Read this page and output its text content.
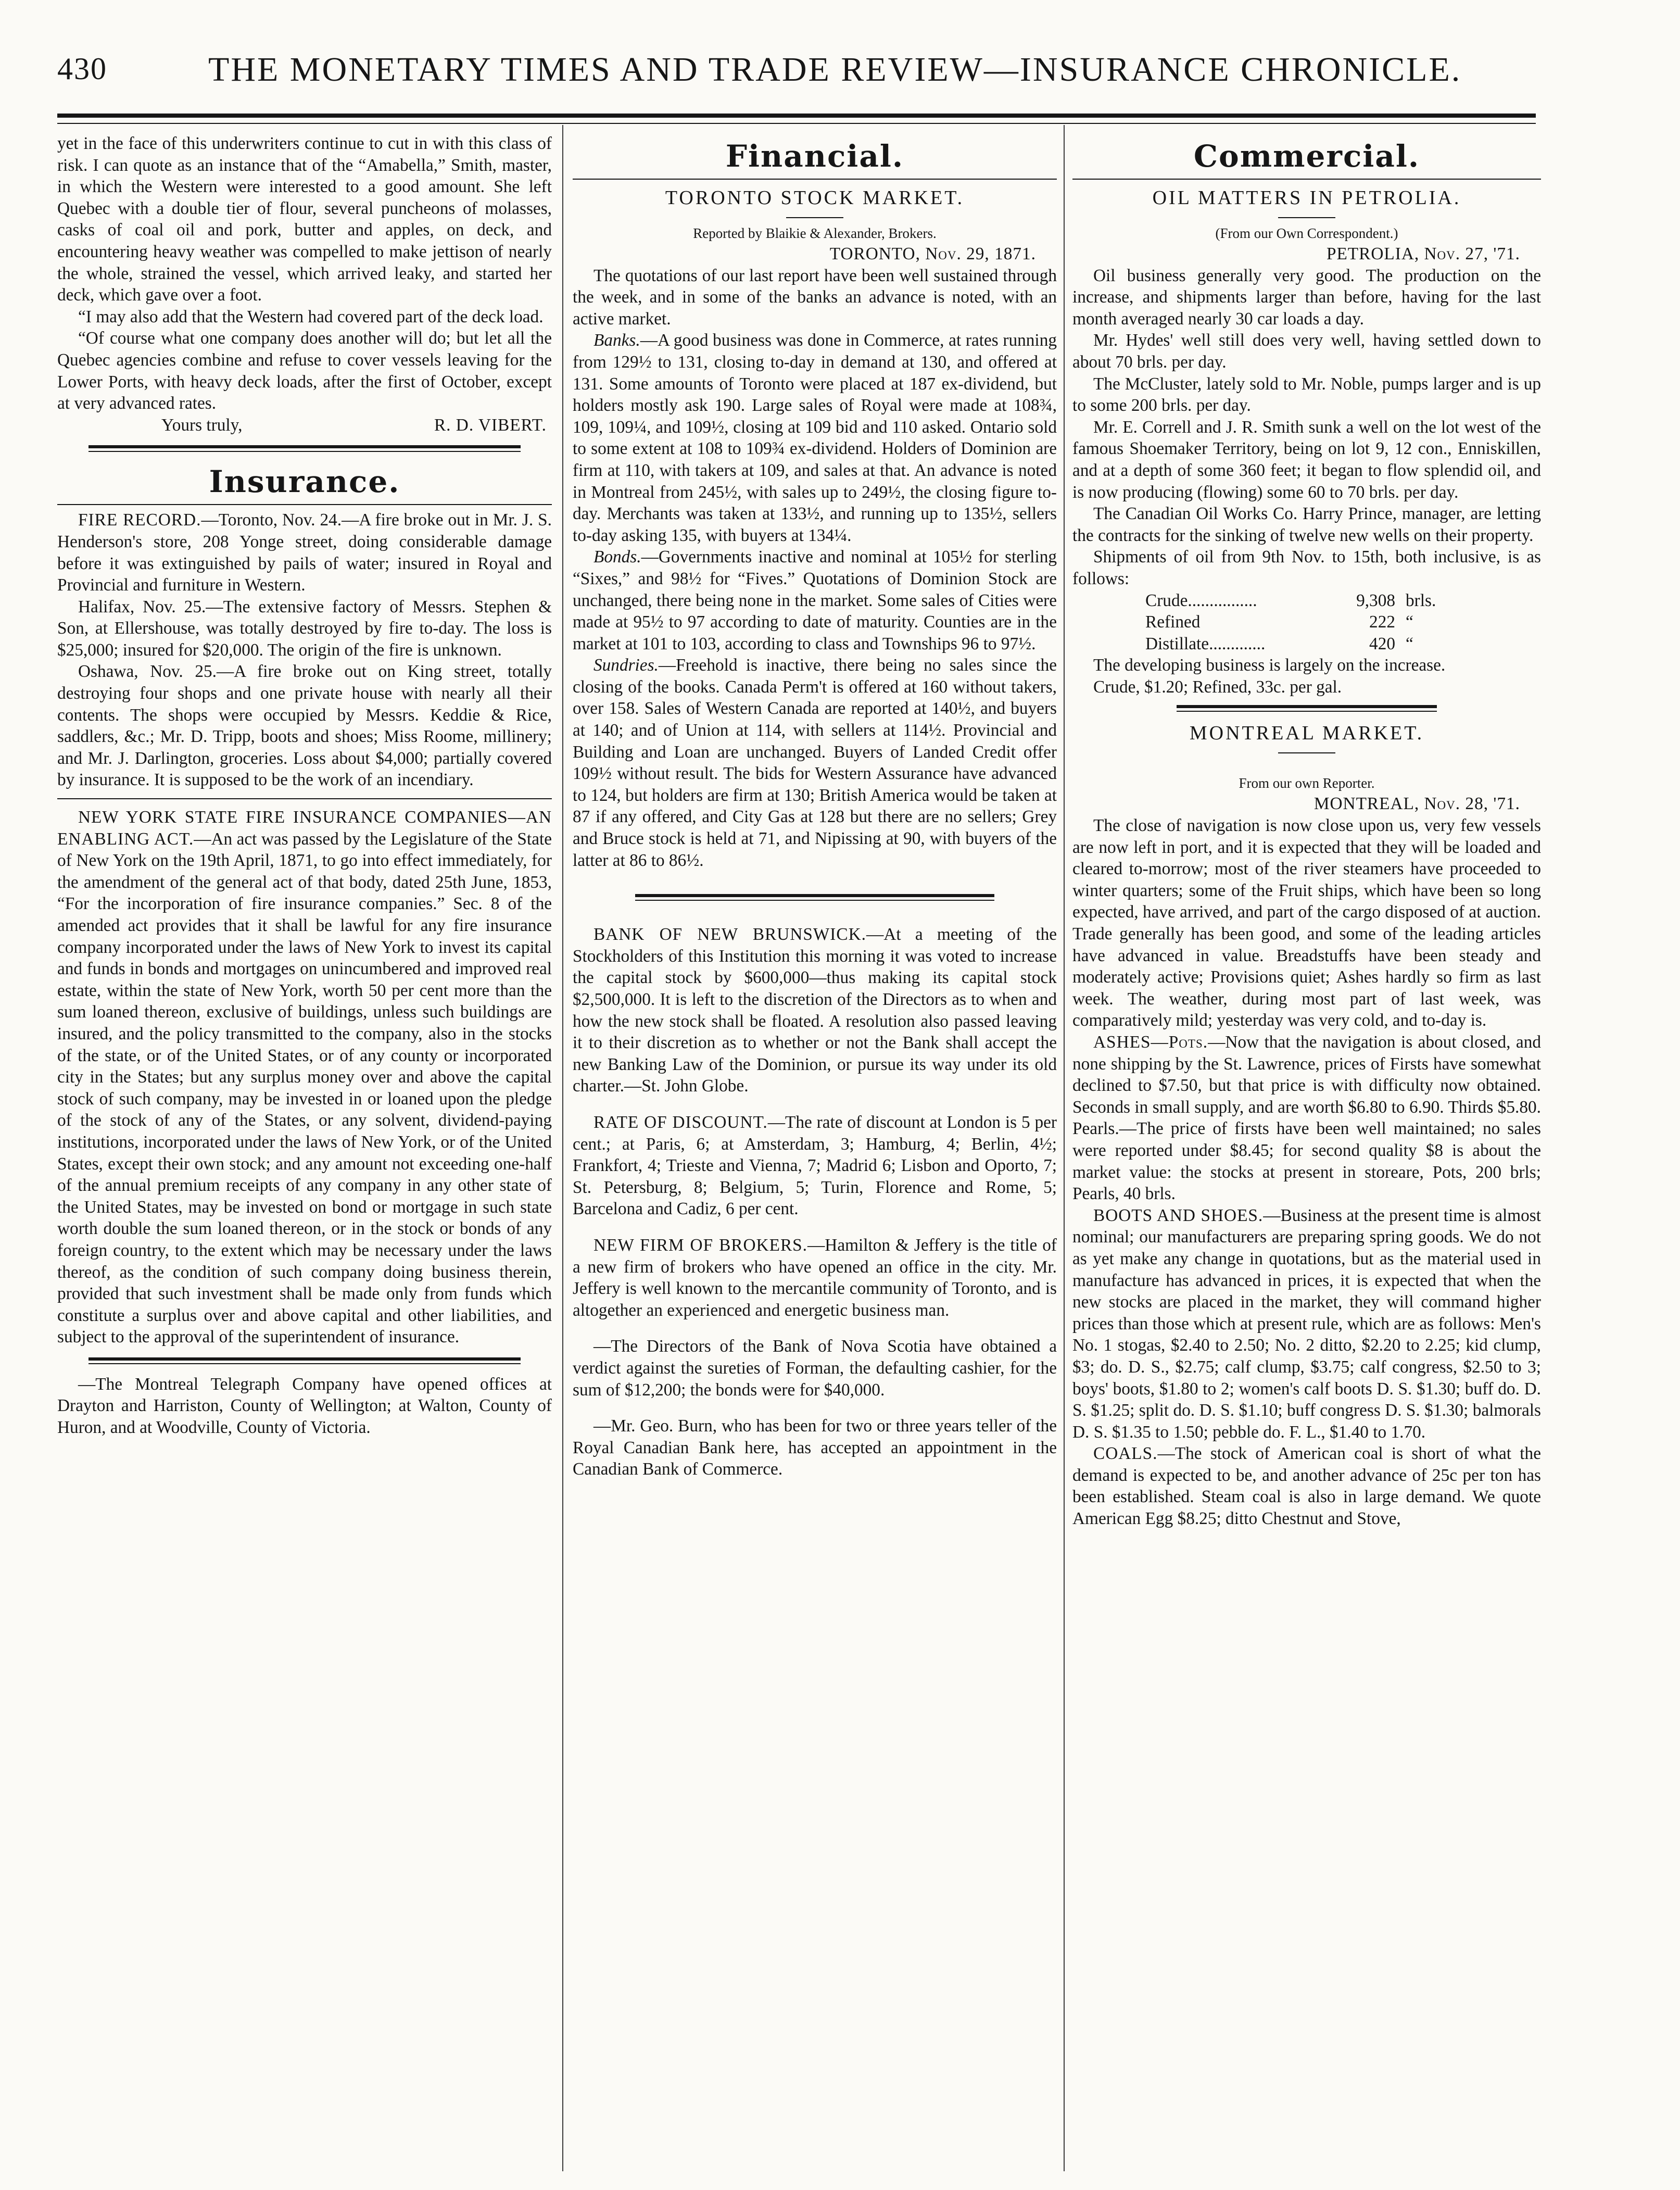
430	THE MONETARY TIMES AND TRADE REVIEW—INSURANCE CHRONICLE.

yet in the face of this underwriters continue to cut in with this class of risk. I can quote as an instance that of the “Amabella,” Smith, master, in which the Western were interested to a good amount. She left Quebec with a double tier of flour, several puncheons of molasses, casks of coal oil and pork, butter and apples, on deck, and encountering heavy weather was compelled to make jettison of nearly the whole, strained the vessel, which arrived leaky, and started her deck, which gave over a foot.

“I may also add that the Western had covered part of the deck load.

“Of course what one company does another will do; but let all the Quebec agencies combine and refuse to cover vessels leaving for the Lower Ports, with heavy deck loads, after the first of October, except at very advanced rates.

Yours truly,	R. D. VIBERT.

Insurance.

FIRE RECORD.—Toronto, Nov. 24.—A fire broke out in Mr. J. S. Henderson's store, 208 Yonge street, doing considerable damage before it was extinguished by pails of water; insured in Royal and Provincial and furniture in Western.

Halifax, Nov. 25.—The extensive factory of Messrs. Stephen & Son, at Ellershouse, was totally destroyed by fire to-day. The loss is $25,000; insured for $20,000. The origin of the fire is unknown.

Oshawa, Nov. 25.—A fire broke out on King street, totally destroying four shops and one private house with nearly all their contents. The shops were occupied by Messrs. Keddie & Rice, saddlers, &c.; Mr. D. Tripp, boots and shoes; Miss Roome, millinery; and Mr. J. Darlington, groceries. Loss about $4,000; partially covered by insurance. It is supposed to be the work of an incendiary.

NEW YORK STATE FIRE INSURANCE COMPANIES—AN ENABLING ACT.—An act was passed by the Legislature of the State of New York on the 19th April, 1871, to go into effect immediately, for the amendment of the general act of that body, dated 25th June, 1853, “For the incorporation of fire insurance companies.” Sec. 8 of the amended act provides that it shall be lawful for any fire insurance company incorporated under the laws of New York to invest its capital and funds in bonds and mortgages on unincumbered and improved real estate, within the state of New York, worth 50 per cent more than the sum loaned thereon, exclusive of buildings, unless such buildings are insured, and the policy transmitted to the company, also in the stocks of the state, or of the United States, or of any county or incorporated city in the States; but any surplus money over and above the capital stock of such company, may be invested in or loaned upon the pledge of the stock of any of the States, or any solvent, dividend-paying institutions, incorporated under the laws of New York, or of the United States, except their own stock; and any amount not exceeding one-half of the annual premium receipts of any company in any other state of the United States, may be invested on bond or mortgage in such state worth double the sum loaned thereon, or in the stock or bonds of any foreign country, to the extent which may be necessary under the laws thereof, as the condition of such company doing business therein, provided that such investment shall be made only from funds which constitute a surplus over and above capital and other liabilities, and subject to the approval of the superintendent of insurance.

—The Montreal Telegraph Company have opened offices at Drayton and Harriston, County of Wellington; at Walton, County of Huron, and at Woodville, County of Victoria.

Financial.
TORONTO STOCK MARKET.

Reported by Blaikie & Alexander, Brokers.

TORONTO, Nov. 29, 1871.

The quotations of our last report have been well sustained through the week, and in some of the banks an advance is noted, with an active market.

Banks.—A good business was done in Commerce, at rates running from 129½ to 131, closing to-day in demand at 130, and offered at 131. Some amounts of Toronto were placed at 187 ex-dividend, but holders mostly ask 190. Large sales of Royal were made at 108¾, 109, 109¼, and 109½, closing at 109 bid and 110 asked. Ontario sold to some extent at 108 to 109¾ ex-dividend. Holders of Dominion are firm at 110, with takers at 109, and sales at that. An advance is noted in Montreal from 245½, with sales up to 249½, the closing figure to-day. Merchants was taken at 133½, and running up to 135½, sellers to-day asking 135, with buyers at 134¼.

Bonds.—Governments inactive and nominal at 105½ for sterling “Sixes,” and 98½ for “Fives.” Quotations of Dominion Stock are unchanged, there being none in the market. Some sales of Cities were made at 95½ to 97 according to date of maturity. Counties are in the market at 101 to 103, according to class and Townships 96 to 97½.

Sundries.—Freehold is inactive, there being no sales since the closing of the books. Canada Perm't is offered at 160 without takers, over 158. Sales of Western Canada are reported at 140½, and buyers at 140; and of Union at 114, with sellers at 114½. Provincial and Building and Loan are unchanged. Buyers of Landed Credit offer 109½ without result. The bids for Western Assurance have advanced to 124, but holders are firm at 130; British America would be taken at 87 if any offered, and City Gas at 128 but there are no sellers; Grey and Bruce stock is held at 71, and Nipissing at 90, with buyers of the latter at 86 to 86½.

BANK OF NEW BRUNSWICK.—At a meeting of the Stockholders of this Institution this morning it was voted to increase the capital stock by $600,000—thus making its capital stock $2,500,000. It is left to the discretion of the Directors as to when and how the new stock shall be floated. A resolution also passed leaving it to their discretion as to whether or not the Bank shall accept the new Banking Law of the Dominion, or pursue its way under its old charter.—St. John Globe.

RATE OF DISCOUNT.—The rate of discount at London is 5 per cent.; at Paris, 6; at Amsterdam, 3; Hamburg, 4; Berlin, 4½; Frankfort, 4; Trieste and Vienna, 7; Madrid 6; Lisbon and Oporto, 7; St. Petersburg, 8; Belgium, 5; Turin, Florence and Rome, 5; Barcelona and Cadiz, 6 per cent.

NEW FIRM OF BROKERS.—Hamilton & Jeffery is the title of a new firm of brokers who have opened an office in the city. Mr. Jeffery is well known to the mercantile community of Toronto, and is altogether an experienced and energetic business man.

—The Directors of the Bank of Nova Scotia have obtained a verdict against the sureties of Forman, the defaulting cashier, for the sum of $12,200; the bonds were for $40,000.

—Mr. Geo. Burn, who has been for two or three years teller of the Royal Canadian Bank here, has accepted an appointment in the Canadian Bank of Commerce.

Commercial.
OIL MATTERS IN PETROLIA.

(From our Own Correspondent.)

PETROLIA, Nov. 27, '71.

Oil business generally very good. The production on the increase, and shipments larger than before, having for the last month averaged nearly 30 car loads a day.

Mr. Hydes' well still does very well, having settled down to about 70 brls. per day.

The McCluster, lately sold to Mr. Noble, pumps larger and is up to some 200 brls. per day.

Mr. E. Correll and J. R. Smith sunk a well on the lot west of the famous Shoemaker Territory, being on lot 9, 12 con., Enniskillen, and at a depth of some 360 feet; it began to flow splendid oil, and is now producing (flowing) some 60 to 70 brls. per day.

The Canadian Oil Works Co. Harry Prince, manager, are letting the contracts for the sinking of twelve new wells on their property.

Shipments of oil from 9th Nov. to 15th, both inclusive, is as follows:

Crude................	9,308 brls.
Refined	222 “
Distillate.............	420 “

The developing business is largely on the increase.

Crude, $1.20; Refined, 33c. per gal.

MONTREAL MARKET.

From our own Reporter.

MONTREAL, Nov. 28, '71.

The close of navigation is now close upon us, very few vessels are now left in port, and it is expected that they will be loaded and cleared to-morrow; most of the river steamers have proceeded to winter quarters; some of the Fruit ships, which have been so long expected, have arrived, and part of the cargo disposed of at auction. Trade generally has been good, and some of the leading articles have advanced in value. Breadstuffs have been steady and moderately active; Provisions quiet; Ashes hardly so firm as last week. The weather, during most part of last week, was comparatively mild; yesterday was very cold, and to-day is.

ASHES—Pots.—Now that the navigation is about closed, and none shipping by the St. Lawrence, prices of Firsts have somewhat declined to $7.50, but that price is with difficulty now obtained. Seconds in small supply, and are worth $6.80 to 6.90. Thirds $5.80. Pearls.—The price of firsts have been well maintained; no sales were reported under $8.45; for second quality $8 is about the market value: the stocks at present in storeare, Pots, 200 brls; Pearls, 40 brls.

BOOTS AND SHOES.—Business at the present time is almost nominal; our manufacturers are preparing spring goods. We do not as yet make any change in quotations, but as the material used in manufacture has advanced in prices, it is expected that when the new stocks are placed in the market, they will command higher prices than those which at present rule, which are as follows: Men's No. 1 stogas, $2.40 to 2.50; No. 2 ditto, $2.20 to 2.25; kid clump, $3; do. D. S., $2.75; calf clump, $3.75; calf congress, $2.50 to 3; boys' boots, $1.80 to 2; women's calf boots D. S. $1.30; buff do. D. S. $1.25; split do. D. S. $1.10; buff congress D. S. $1.30; balmorals D. S. $1.35 to 1.50; pebble do. F. L., $1.40 to 1.70.

COALS.—The stock of American coal is short of what the demand is expected to be, and another advance of 25c per ton has been established. Steam coal is also in large demand. We quote American Egg $8.25; ditto Chestnut and Stove,
